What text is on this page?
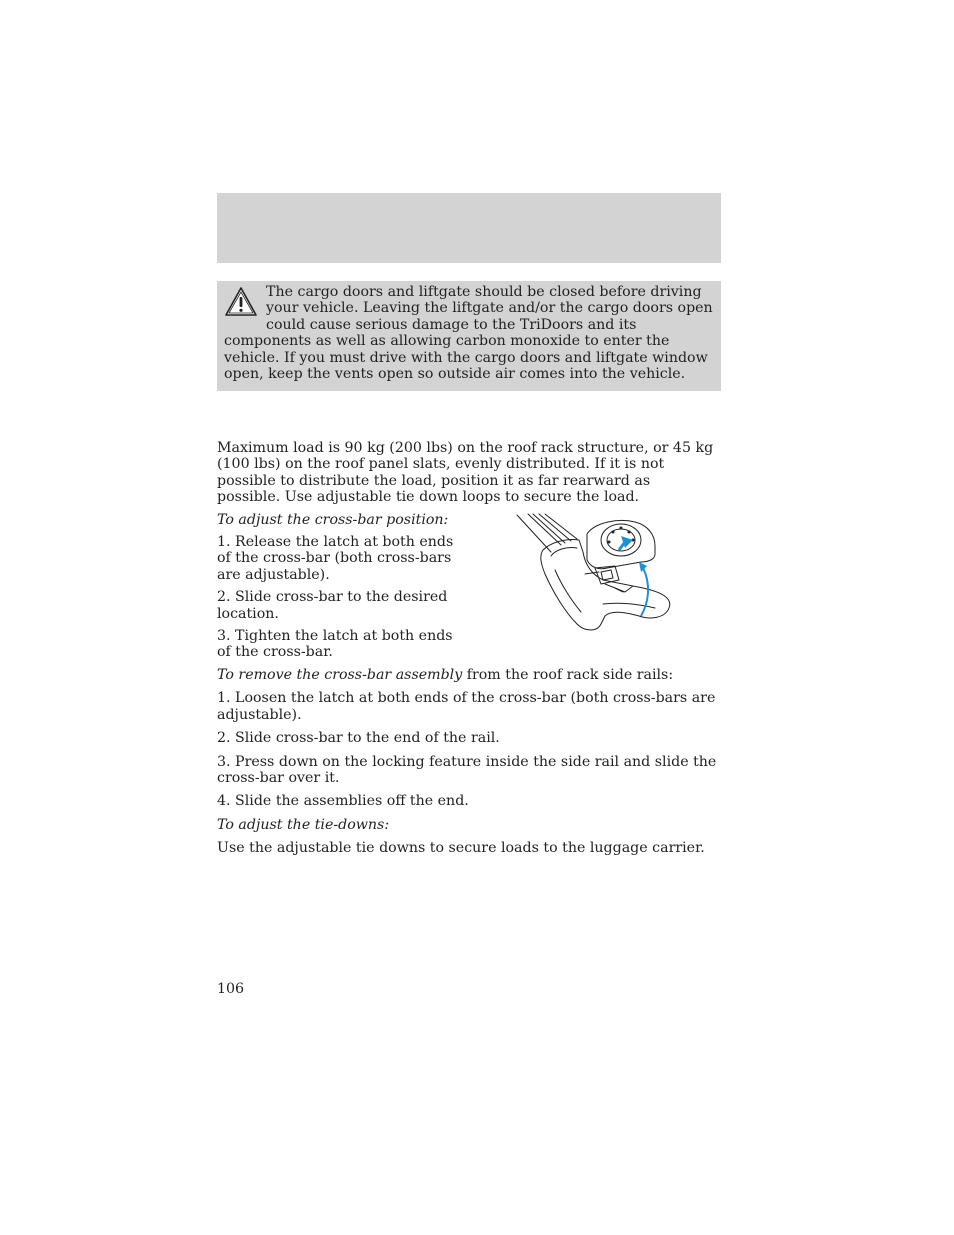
The cargo doors and liftgate should be closed before driving your vehicle. Leaving the liftgate and/or the cargo doors open could cause serious damage to the TriDoors and its components as well as allowing carbon monoxide to enter the vehicle. If you must drive with the cargo doors and liftgate window open, keep the vents open so outside air comes into the vehicle.

Maximum load is 90 kg (200 lbs) on the roof rack structure, or 45 kg (100 lbs) on the roof panel slats, evenly distributed. If it is not possible to distribute the load, position it as far rearward as possible. Use adjustable tie down loops to secure the load.

To adjust the cross-bar position:

1. Release the latch at both ends of the cross-bar (both cross-bars are adjustable).

2. Slide cross-bar to the desired location.

3. Tighten the latch at both ends of the cross-bar.

To remove the cross-bar assembly from the roof rack side rails:

1. Loosen the latch at both ends of the cross-bar (both cross-bars are adjustable).

2. Slide cross-bar to the end of the rail.

3. Press down on the locking feature inside the side rail and slide the cross-bar over it.

4. Slide the assemblies off the end.

To adjust the tie-downs:

Use the adjustable tie downs to secure loads to the luggage carrier.

106
